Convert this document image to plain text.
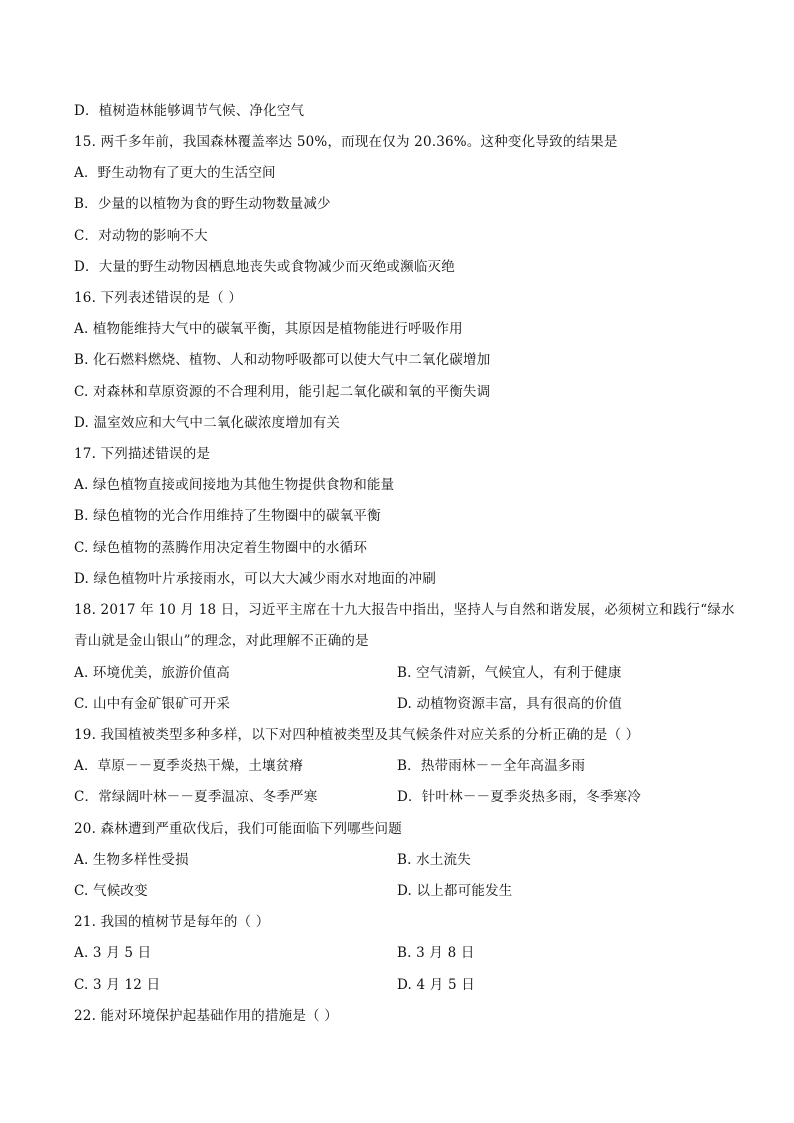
D．植树造林能够调节气候、净化空气
15. 两千多年前，我国森林覆盖率达 50%，而现在仅为 20.36%。这种变化导致的结果是
A．野生动物有了更大的生活空间
B．少量的以植物为食的野生动物数量减少
C．对动物的影响不大
D．大量的野生动物因栖息地丧失或食物减少而灭绝或濒临灭绝
16. 下列表述错误的是（ ）
A. 植物能维持大气中的碳氧平衡，其原因是植物能进行呼吸作用
B. 化石燃料燃烧、植物、人和动物呼吸都可以使大气中二氧化碳增加
C. 对森林和草原资源的不合理利用，能引起二氧化碳和氧的平衡失调
D. 温室效应和大气中二氧化碳浓度增加有关
17. 下列描述错误的是
A. 绿色植物直接或间接地为其他生物提供食物和能量
B. 绿色植物的光合作用维持了生物圈中的碳氧平衡
C. 绿色植物的蒸腾作用决定着生物圈中的水循环
D. 绿色植物叶片承接雨水，可以大大减少雨水对地面的冲刷
18. 2017 年 10 月 18 日，习近平主席在十九大报告中指出，坚持人与自然和谐发展，必须树立和践行“绿水
青山就是金山银山”的理念，对此理解不正确的是
A. 环境优美，旅游价值高	B. 空气清新，气候宜人，有利于健康
C. 山中有金矿银矿可开采	D. 动植物资源丰富，具有很高的价值
19. 我国植被类型多种多样，以下对四种植被类型及其气候条件对应关系的分析正确的是（ ）
A．草原－－夏季炎热干燥，土壤贫瘠	B．热带雨林－－全年高温多雨
C．常绿阔叶林－－夏季温凉、冬季严寒	D．针叶林－－夏季炎热多雨，冬季寒冷
20. 森林遭到严重砍伐后，我们可能面临下列哪些问题
A. 生物多样性受损	B. 水土流失
C. 气候改变	D. 以上都可能发生
21. 我国的植树节是每年的（ ）
A. 3 月 5 日	B. 3 月 8 日
C. 3 月 12 日	D. 4 月 5 日
22. 能对环境保护起基础作用的措施是（ ）
